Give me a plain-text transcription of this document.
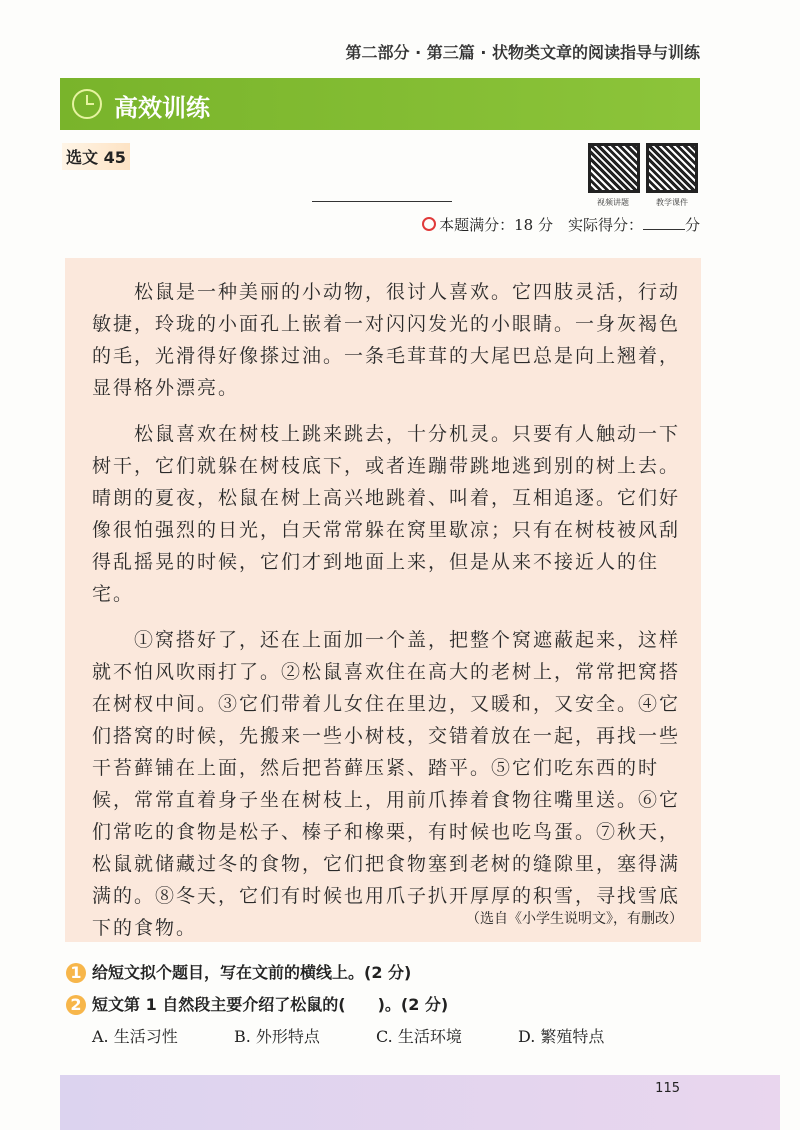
第二部分 · 第三篇 · 状物类文章的阅读指导与训练
高效训练
选文 45
视频讲题	教学课件
本题满分：18 分　 实际得分：	分

松鼠是一种美丽的小动物，很讨人喜欢。它四肢灵活，行动敏捷，玲珑的小面孔上嵌着一对闪闪发光的小眼睛。一身灰褐色的毛，光滑得好像搽过油。一条毛茸茸的大尾巴总是向上翘着，显得格外漂亮。

松鼠喜欢在树枝上跳来跳去，十分机灵。只要有人触动一下树干，它们就躲在树枝底下，或者连蹦带跳地逃到别的树上去。晴朗的夏夜，松鼠在树上高兴地跳着、叫着，互相追逐。它们好像很怕强烈的日光，白天常常躲在窝里歇凉；只有在树枝被风刮得乱摇晃的时候，它们才到地面上来，但是从来不接近人的住宅。

①窝搭好了，还在上面加一个盖，把整个窝遮蔽起来，这样就不怕风吹雨打了。②松鼠喜欢住在高大的老树上，常常把窝搭在树杈中间。③它们带着儿女住在里边，又暖和，又安全。④它们搭窝的时候，先搬来一些小树枝，交错着放在一起，再找一些干苔藓铺在上面，然后把苔藓压紧、踏平。⑤它们吃东西的时候，常常直着身子坐在树枝上，用前爪捧着食物往嘴里送。⑥它们常吃的食物是松子、榛子和橡栗，有时候也吃鸟蛋。⑦秋天，松鼠就储藏过冬的食物，它们把食物塞到老树的缝隙里，塞得满满的。⑧冬天，它们有时候也用爪子扒开厚厚的积雪，寻找雪底下的食物。	（选自《小学生说明文》，有删改）
1 给短文拟个题目，写在文前的横线上。(2 分)
2 短文第 1 自然段主要介绍了松鼠的(　　)。(2 分)
A. 生活习性	B. 外形特点	C. 生活环境	D. 繁殖特点
115
